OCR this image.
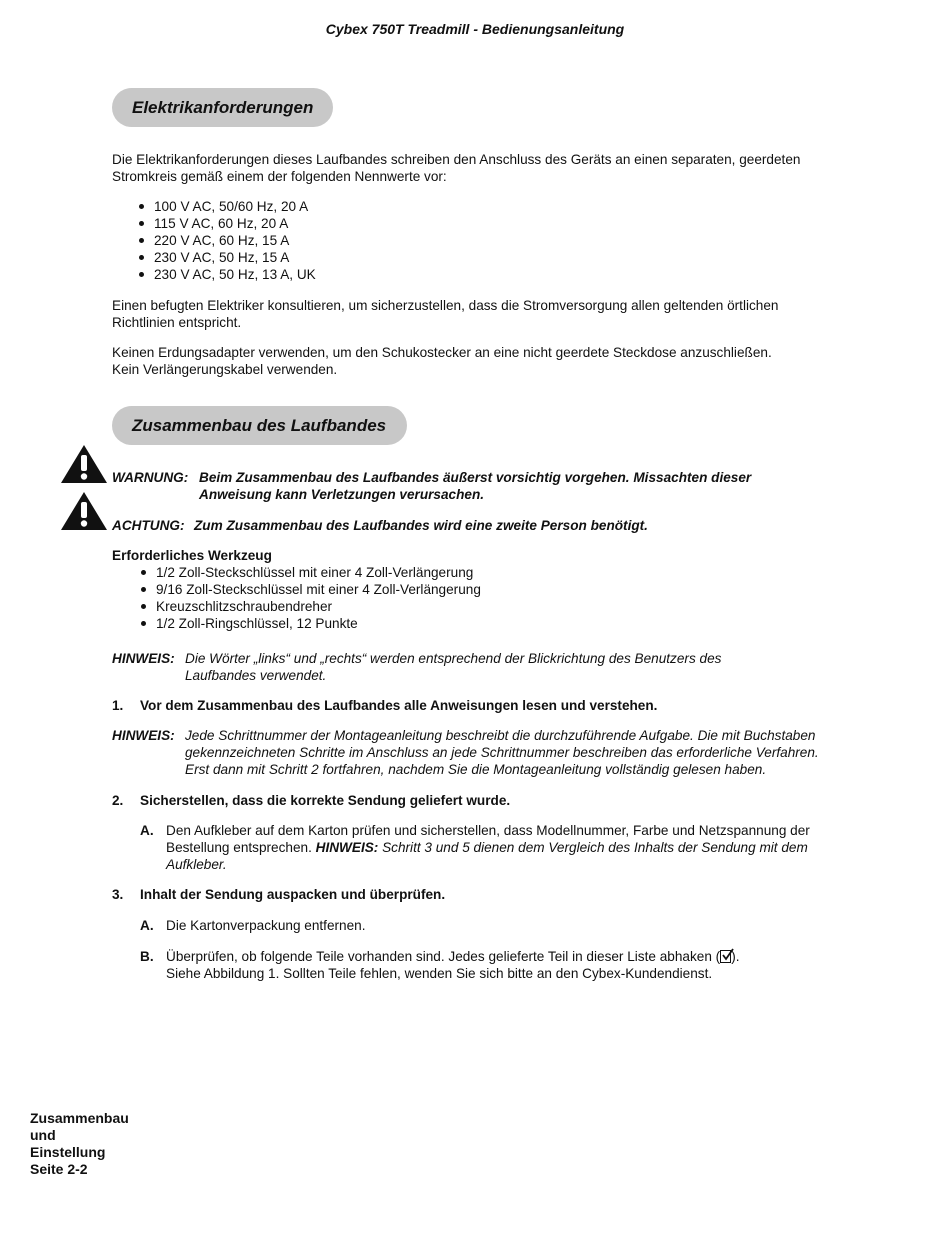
Cybex 750T Treadmill - Bedienungsanleitung
Elektrikanforderungen

Die Elektrikanforderungen dieses Laufbandes schreiben den Anschluss des Geräts an einen separaten, geerdeten Stromkreis gemäß einem der folgenden Nennwerte vor:

100 V AC, 50/60 Hz, 20 A
115 V AC, 60 Hz, 20 A
220 V AC, 60 Hz, 15 A
230 V AC, 50 Hz, 15 A
230 V AC, 50 Hz, 13 A, UK

Einen befugten Elektriker konsultieren, um sicherzustellen, dass die Stromversorgung allen geltenden örtlichen Richtlinien entspricht.

Keinen Erdungsadapter verwenden, um den Schukostecker an eine nicht geerdete Steckdose anzuschließen.
Kein Verlängerungskabel verwenden.
Zusammenbau des Laufbandes
WARNUNG: Beim Zusammenbau des Laufbandes äußerst vorsichtig vorgehen. Missachten dieser Anweisung kann Verletzungen verursachen.
ACHTUNG: Zum Zusammenbau des Laufbandes wird eine zweite Person benötigt.
Erforderliches Werkzeug
1/2 Zoll-Steckschlüssel mit einer 4 Zoll-Verlängerung
9/16 Zoll-Steckschlüssel mit einer 4 Zoll-Verlängerung
Kreuzschlitzschraubendreher
1/2 Zoll-Ringschlüssel, 12 Punkte
HINWEIS: Die Wörter „links“ und „rechts“ werden entsprechend der Blickrichtung des Benutzers des Laufbandes verwendet.
1.	Vor dem Zusammenbau des Laufbandes alle Anweisungen lesen und verstehen.
HINWEIS: Jede Schrittnummer der Montageanleitung beschreibt die durchzuführende Aufgabe. Die mit Buchstaben gekennzeichneten Schritte im Anschluss an jede Schrittnummer beschreiben das erforderliche Verfahren. Erst dann mit Schritt 2 fortfahren, nachdem Sie die Montageanleitung vollständig gelesen haben.
2.	Sicherstellen, dass die korrekte Sendung geliefert wurde.
A. Den Aufkleber auf dem Karton prüfen und sicherstellen, dass Modellnummer, Farbe und Netzspannung der Bestellung entsprechen. HINWEIS: Schritt 3 und 5 dienen dem Vergleich des Inhalts der Sendung mit dem Aufkleber.
3.	Inhalt der Sendung auspacken und überprüfen.
A. Die Kartonverpackung entfernen.
B. Überprüfen, ob folgende Teile vorhanden sind. Jedes gelieferte Teil in dieser Liste abhaken ( ).
Siehe Abbildung 1. Sollten Teile fehlen, wenden Sie sich bitte an den Cybex-Kundendienst.
Zusammenbau
und
Einstellung
Seite 2-2
